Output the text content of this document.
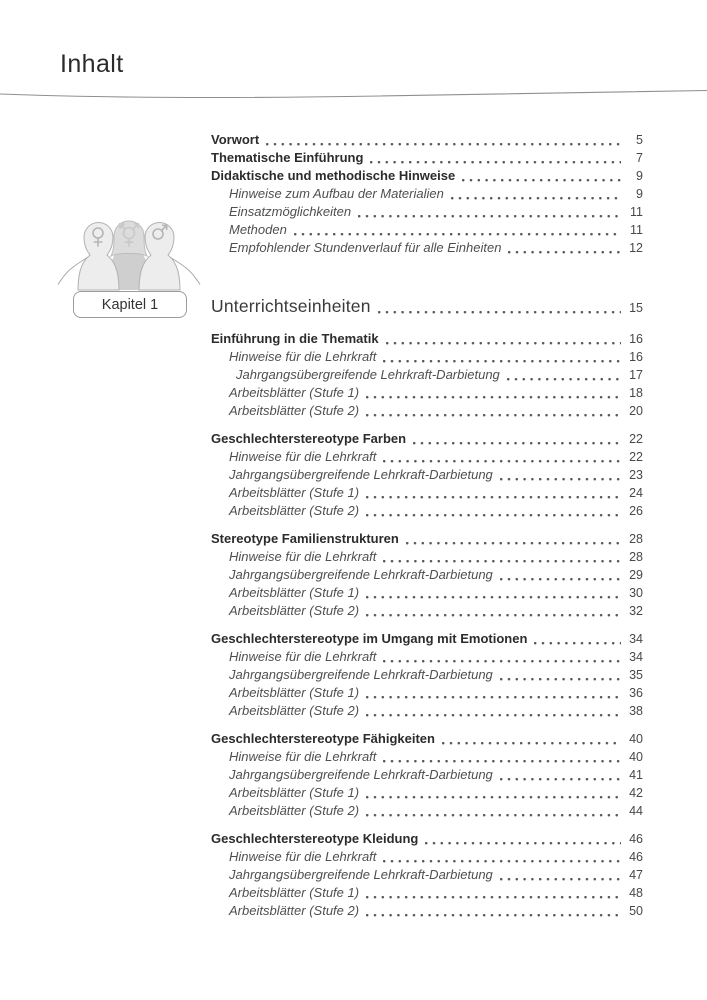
Inhalt
Kapitel 1
Vorwort	5
Thematische Einführung	7
Didaktische und methodische Hinweise	9
Hinweise zum Aufbau der Materialien	9
Einsatzmöglichkeiten	11
Methoden	11
Empfohlender Stundenverlauf für alle Einheiten	12
Unterrichtseinheiten	15
Einführung in die Thematik	16
Hinweise für die Lehrkraft	16
Jahrgangsübergreifende Lehrkraft-Darbietung	17
Arbeitsblätter (Stufe 1)	18
Arbeitsblätter (Stufe 2)	20
Geschlechterstereotype Farben	22
Hinweise für die Lehrkraft	22
Jahrgangsübergreifende Lehrkraft-Darbietung	23
Arbeitsblätter (Stufe 1)	24
Arbeitsblätter (Stufe 2)	26
Stereotype Familienstrukturen	28
Hinweise für die Lehrkraft	28
Jahrgangsübergreifende Lehrkraft-Darbietung	29
Arbeitsblätter (Stufe 1)	30
Arbeitsblätter (Stufe 2)	32
Geschlechterstereotype im Umgang mit Emotionen	34
Hinweise für die Lehrkraft	34
Jahrgangsübergreifende Lehrkraft-Darbietung	35
Arbeitsblätter (Stufe 1)	36
Arbeitsblätter (Stufe 2)	38
Geschlechterstereotype Fähigkeiten	40
Hinweise für die Lehrkraft	40
Jahrgangsübergreifende Lehrkraft-Darbietung	41
Arbeitsblätter (Stufe 1)	42
Arbeitsblätter (Stufe 2)	44
Geschlechterstereotype Kleidung	46
Hinweise für die Lehrkraft	46
Jahrgangsübergreifende Lehrkraft-Darbietung	47
Arbeitsblätter (Stufe 1)	48
Arbeitsblätter (Stufe 2)	50
